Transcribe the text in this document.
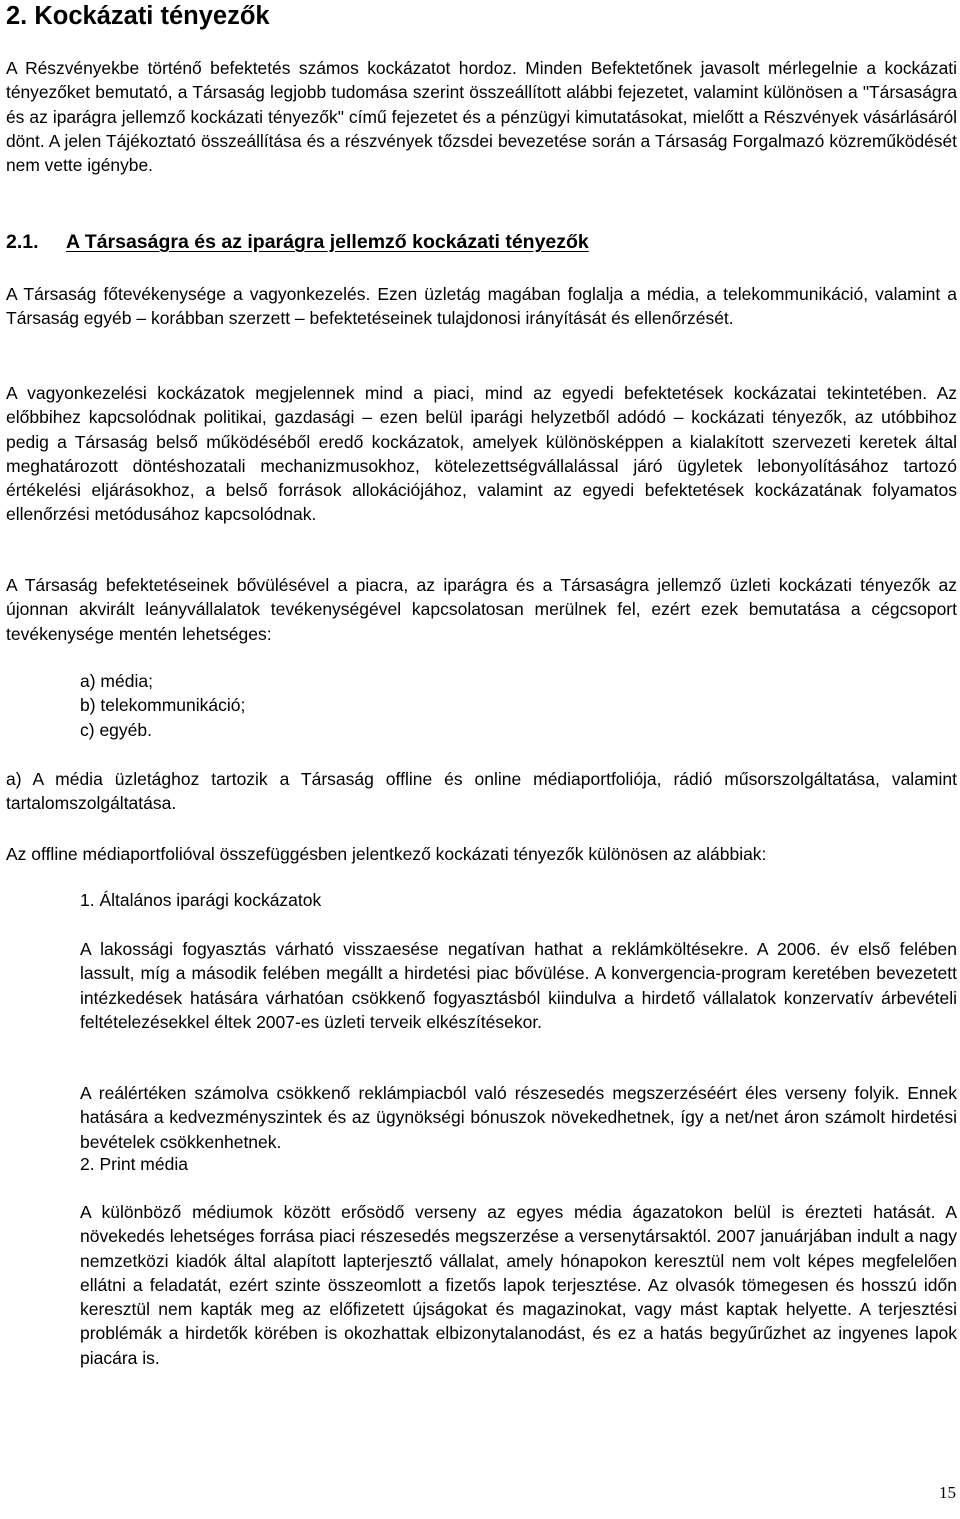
2. Kockázati tényezők

A Részvényekbe történő befektetés számos kockázatot hordoz. Minden Befektetőnek javasolt mérlegelnie a kockázati tényezőket bemutató, a Társaság legjobb tudomása szerint összeállított alábbi fejezetet, valamint különösen a "Társaságra és az iparágra jellemző kockázati tényezők" című fejezetet és a pénzügyi kimutatásokat, mielőtt a Részvények vásárlásáról dönt. A jelen Tájékoztató összeállítása és a részvények tőzsdei bevezetése során a Társaság Forgalmazó közreműködését nem vette igénybe.

2.1. A Társaságra és az iparágra jellemző kockázati tényezők

A Társaság főtevékenysége a vagyonkezelés. Ezen üzletág magában foglalja a média, a telekommunikáció, valamint a Társaság egyéb – korábban szerzett – befektetéseinek tulajdonosi irányítását és ellenőrzését.

A vagyonkezelési kockázatok megjelennek mind a piaci, mind az egyedi befektetések kockázatai tekintetében. Az előbbihez kapcsolódnak politikai, gazdasági – ezen belül iparági helyzetből adódó – kockázati tényezők, az utóbbihoz pedig a Társaság belső működéséből eredő kockázatok, amelyek különösképpen a kialakított szervezeti keretek által meghatározott döntéshozatali mechanizmusokhoz, kötelezettségvállalással járó ügyletek lebonyolításához tartozó értékelési eljárásokhoz, a belső források allokációjához, valamint az egyedi befektetések kockázatának folyamatos ellenőrzési metódusához kapcsolódnak.

A Társaság befektetéseinek bővülésével a piacra, az iparágra és a Társaságra jellemző üzleti kockázati tényezők az újonnan akvirált leányvállalatok tevékenységével kapcsolatosan merülnek fel, ezért ezek bemutatása a cégcsoport tevékenysége mentén lehetséges:

a) média;
b) telekommunikáció;
c) egyéb.

a) A média üzletághoz tartozik a Társaság offline és online médiaportfoliója, rádió műsorszolgáltatása, valamint tartalomszolgáltatása.

Az offline médiaportfolióval összefüggésben jelentkező kockázati tényezők különösen az alábbiak:

1. Általános iparági kockázatok

A lakossági fogyasztás várható visszaesése negatívan hathat a reklámköltésekre. A 2006. év első felében lassult, míg a második felében megállt a hirdetési piac bővülése. A konvergencia-program keretében bevezetett intézkedések hatására várhatóan csökkenő fogyasztásból kiindulva a hirdető vállalatok konzervatív árbevételi feltételezésekkel éltek 2007-es üzleti terveik elkészítésekor.

A reálértéken számolva csökkenő reklámpiacból való részesedés megszerzéséért éles verseny folyik. Ennek hatására a kedvezményszintek és az ügynökségi bónuszok növekedhetnek, így a net/net áron számolt hirdetési bevételek csökkenhetnek.

2. Print média

A különböző médiumok között erősödő verseny az egyes média ágazatokon belül is érezteti hatását. A növekedés lehetséges forrása piaci részesedés megszerzése a versenytársaktól. 2007 januárjában indult a nagy nemzetközi kiadók által alapított lapterjesztő vállalat, amely hónapokon keresztül nem volt képes megfelelően ellátni a feladatát, ezért szinte összeomlott a fizetős lapok terjesztése. Az olvasók tömegesen és hosszú időn keresztül nem kapták meg az előfizetett újságokat és magazinokat, vagy mást kaptak helyette. A terjesztési problémák a hirdetők körében is okozhattak elbizonytalanodást, és ez a hatás begyűrűzhet az ingyenes lapok piacára is.

15
